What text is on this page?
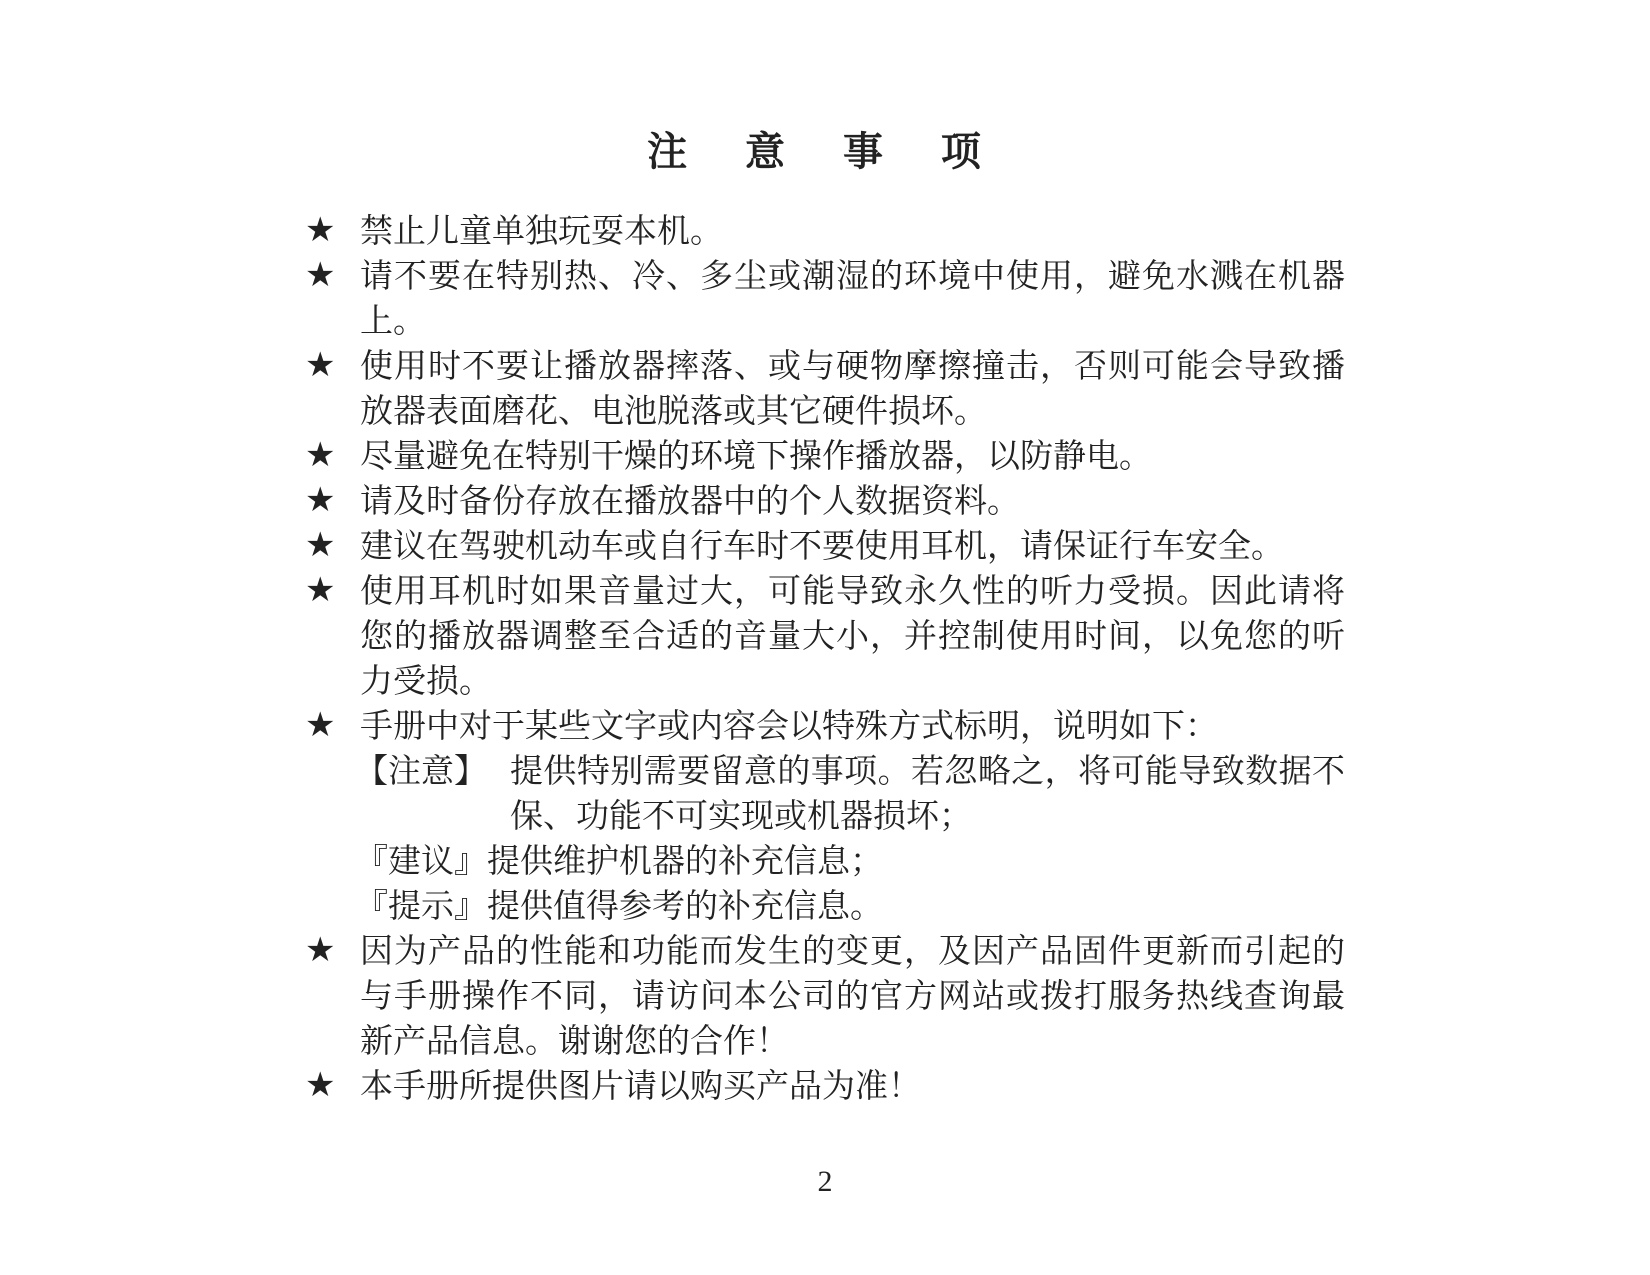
注 意 事 项
★ 禁止儿童单独玩耍本机。
★ 请不要在特别热、冷、多尘或潮湿的环境中使用，避免水溅在机器上。
★ 使用时不要让播放器摔落、或与硬物摩擦撞击，否则可能会导致播放器表面磨花、电池脱落或其它硬件损坏。
★ 尽量避免在特别干燥的环境下操作播放器，以防静电。
★ 请及时备份存放在播放器中的个人数据资料。
★ 建议在驾驶机动车或自行车时不要使用耳机，请保证行车安全。
★ 使用耳机时如果音量过大，可能导致永久性的听力受损。因此请将您的播放器调整至合适的音量大小，并控制使用时间，以免您的听力受损。
★ 手册中对于某些文字或内容会以特殊方式标明，说明如下：
【注意】 提供特别需要留意的事项。若忽略之，将可能导致数据不保、功能不可实现或机器损坏；
『建议』 提供维护机器的补充信息；
『提示』 提供值得参考的补充信息。
★ 因为产品的性能和功能而发生的变更，及因产品固件更新而引起的与手册操作不同，请访问本公司的官方网站或拨打服务热线查询最新产品信息。谢谢您的合作！
★ 本手册所提供图片请以购买产品为准！
2
